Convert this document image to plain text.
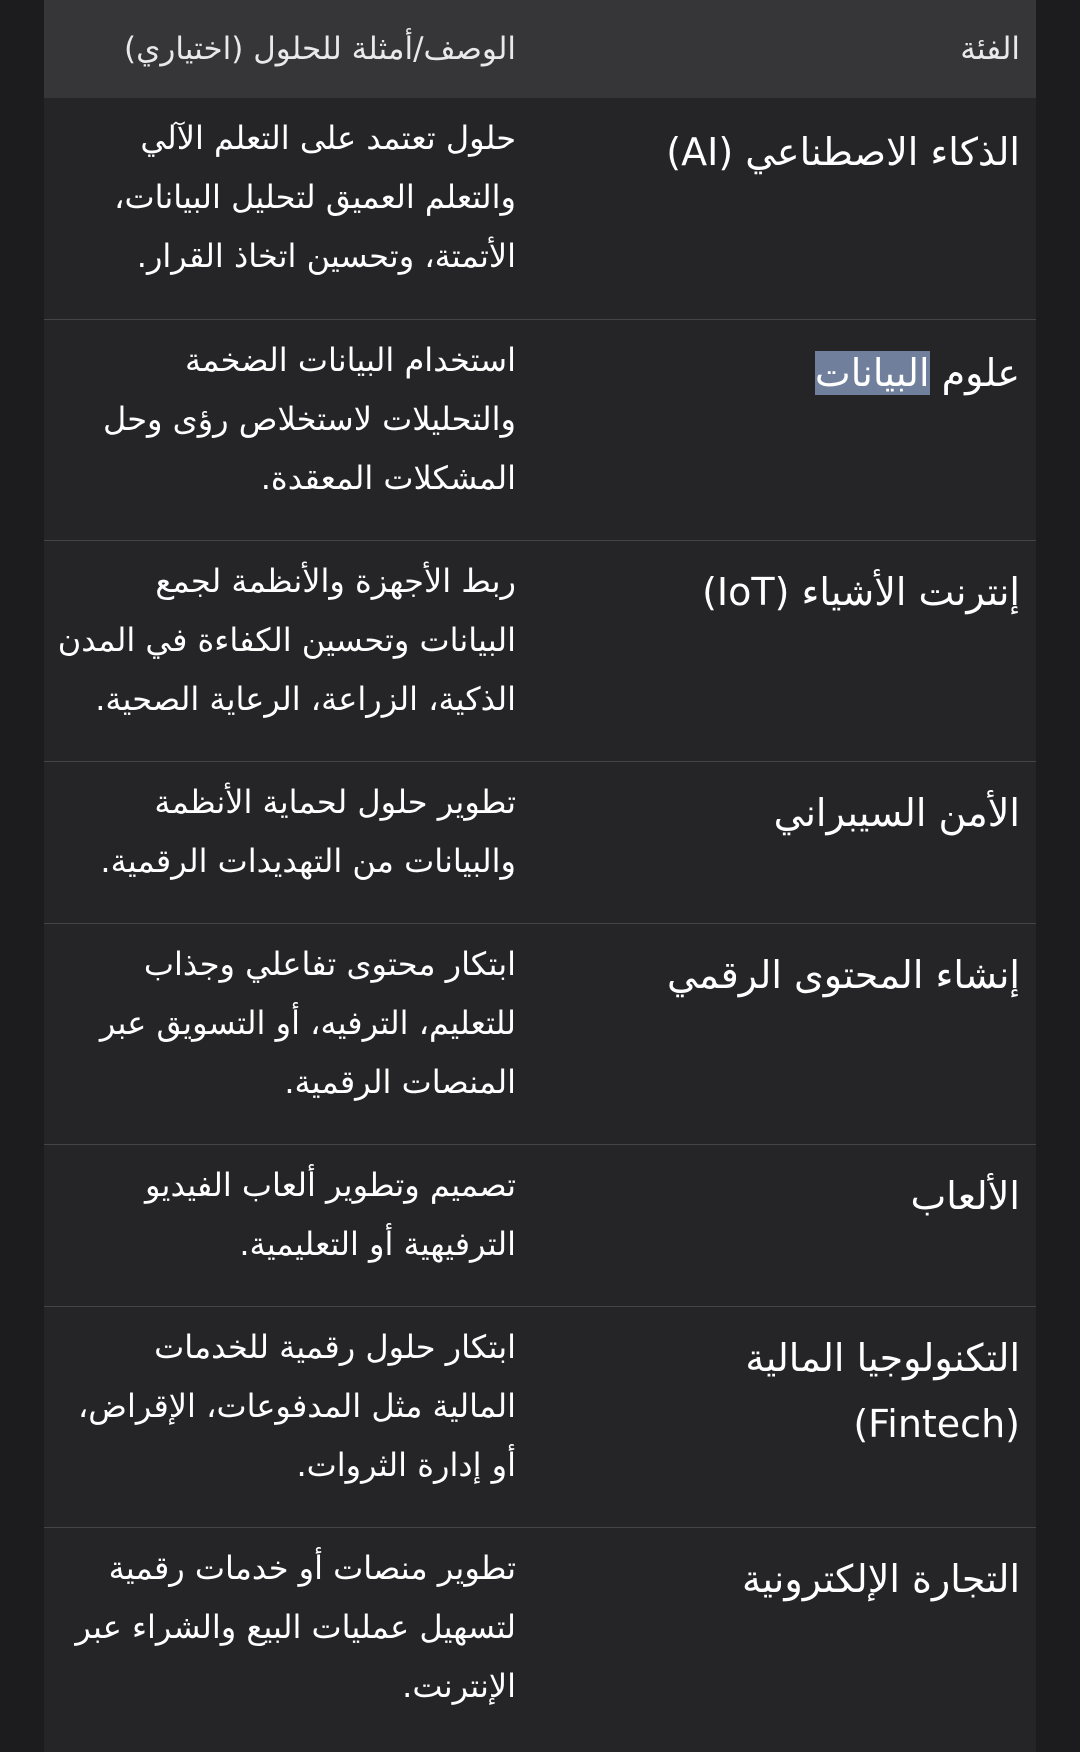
الفئة
الوصف/أمثلة للحلول (اختياري)
الذكاء الاصطناعي (AI)
حلول تعتمد على التعلم الآلي
والتعلم العميق لتحليل البيانات،
الأتمتة، وتحسين اتخاذ القرار.
علوم البيانات
استخدام البيانات الضخمة
والتحليلات لاستخلاص رؤى وحل
المشكلات المعقدة.
إنترنت الأشياء (IoT)
ربط الأجهزة والأنظمة لجمع
البيانات وتحسين الكفاءة في المدن
الذكية، الزراعة، الرعاية الصحية.
الأمن السيبراني
تطوير حلول لحماية الأنظمة
والبيانات من التهديدات الرقمية.
إنشاء المحتوى الرقمي
ابتكار محتوى تفاعلي وجذاب
للتعليم، الترفيه، أو التسويق عبر
المنصات الرقمية.
الألعاب
تصميم وتطوير ألعاب الفيديو
الترفيهية أو التعليمية.
التكنولوجيا المالية
(Fintech)
ابتكار حلول رقمية للخدمات
المالية مثل المدفوعات، الإقراض،
أو إدارة الثروات.
التجارة الإلكترونية
تطوير منصات أو خدمات رقمية
لتسهيل عمليات البيع والشراء عبر
الإنترنت.
